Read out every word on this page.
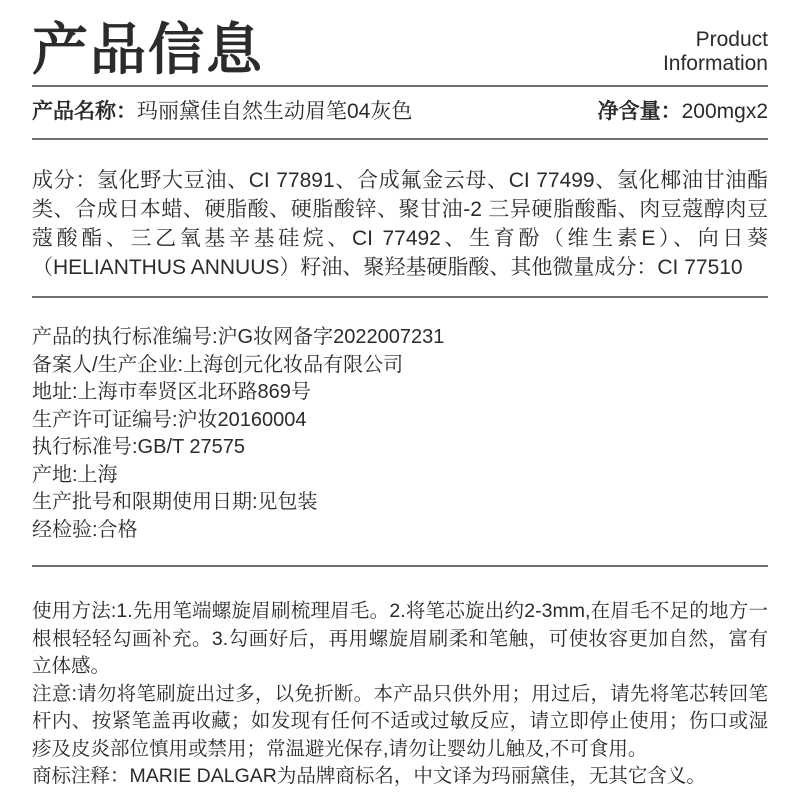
产品信息	Product
Information
产品名称：玛丽黛佳自然生动眉笔04灰色	净含量：200mgx2
成分：氢化野大豆油、CI 77891、合成氟金云母、CI 77499、氢化椰油甘油酯类、合成日本蜡、硬脂酸、硬脂酸锌、聚甘油-2 三异硬脂酸酯、肉豆蔻醇肉豆蔻酸酯、三乙氧基辛基硅烷、CI 77492、生育酚（维生素E）、向日葵（HELIANTHUS ANNUUS）籽油、聚羟基硬脂酸、其他微量成分：CI 77510
产品的执行标准编号:沪G妆网备字2022007231
备案人/生产企业:上海创元化妆品有限公司
地址:上海市奉贤区北环路869号
生产许可证编号:沪妆20160004
执行标准号:GB/T 27575
产地:上海
生产批号和限期使用日期:见包装
经检验:合格

使用方法:1.先用笔端螺旋眉刷梳理眉毛。2.将笔芯旋出约2-3mm,在眉毛不足的地方一根根轻轻勾画补充。3.勾画好后，再用螺旋眉刷柔和笔触，可使妆容更加自然，富有立体感。

注意:请勿将笔刷旋出过多，以免折断。本产品只供外用；用过后，请先将笔芯转回笔杆内、按紧笔盖再收藏；如发现有任何不适或过敏反应，请立即停止使用；伤口或湿疹及皮炎部位慎用或禁用；常温避光保存,请勿让婴幼儿触及,不可食用。

商标注释：MARIE DALGAR为品牌商标名，中文译为玛丽黛佳，无其它含义。
